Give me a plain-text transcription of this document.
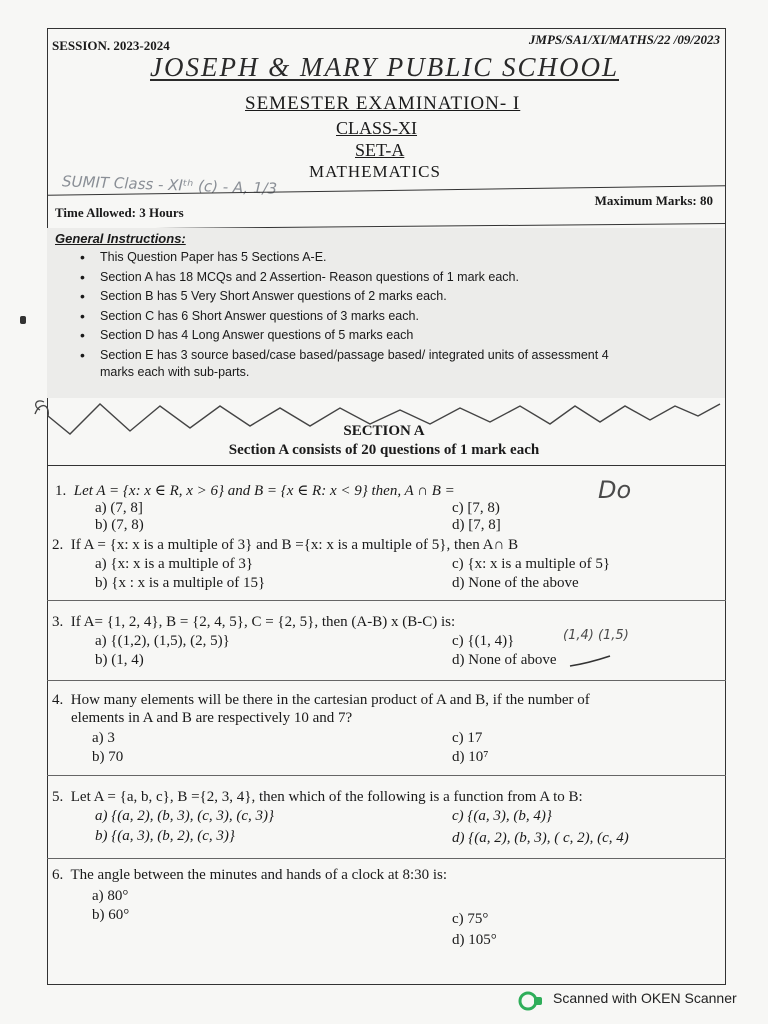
SESSION. 2023-2024	JMPS/SA1/XI/MATHS/22 /09/2023
JOSEPH & MARY PUBLIC SCHOOL
SEMESTER EXAMINATION- I
CLASS-XI
SET-A
MATHEMATICS
SUMIT Class - XIᵗʰ (c) - A, 1/3
Time Allowed: 3 Hours
Maximum Marks: 80
General Instructions:
• This Question Paper has 5 Sections A-E.
• Section A has 18 MCQs and 2 Assertion- Reason questions of 1 mark each.
• Section B has 5 Very Short Answer questions of 2 marks each.
• Section C has 6 Short Answer questions of 3 marks each.
• Section D has 4 Long Answer questions of 5 marks each
• Section E has 3 source based/case based/passage based/ integrated units of assessment 4
marks each with sub-parts.
SECTION A
Section A consists of 20 questions of 1 mark each
1. Let A = {x: x ∈ R, x > 6} and B = {x ∈ R: x < 9} then, A ∩ B =
a) (7, 8]
b) (7, 8)
c) [7, 8)
d) [7, 8]
Do
2. If A = {x: x is a multiple of 3} and B ={x: x is a multiple of 5}, then A∩ B
a) {x: x is a multiple of 3}
b) {x : x is a multiple of 15}
c) {x: x is a multiple of 5}
d) None of the above
3. If A= {1, 2, 4}, B = {2, 4, 5}, C = {2, 5}, then (A-B) x (B-C) is:
a) {(1,2), (1,5), (2, 5)}
b) (1, 4)
c) {(1, 4)}
d) None of above
(1,4) (1,5)
4. How many elements will be there in the cartesian product of A and B, if the number of
elements in A and B are respectively 10 and 7?
a) 3
b) 70
c) 17
d) 10⁷
5. Let A = {a, b, c}, B ={2, 3, 4}, then which of the following is a function from A to B:
a) {(a, 2), (b, 3), (c, 3), (c, 3)}
b) {(a, 3), (b, 2), (c, 3)}
c) {(a, 3), (b, 4)}
d) {(a, 2), (b, 3), ( c, 2), (c, 4)
6. The angle between the minutes and hands of a clock at 8:30 is:
a) 80°
b) 60°	c) 75°
d) 105°
Scanned with OKEN Scanner
